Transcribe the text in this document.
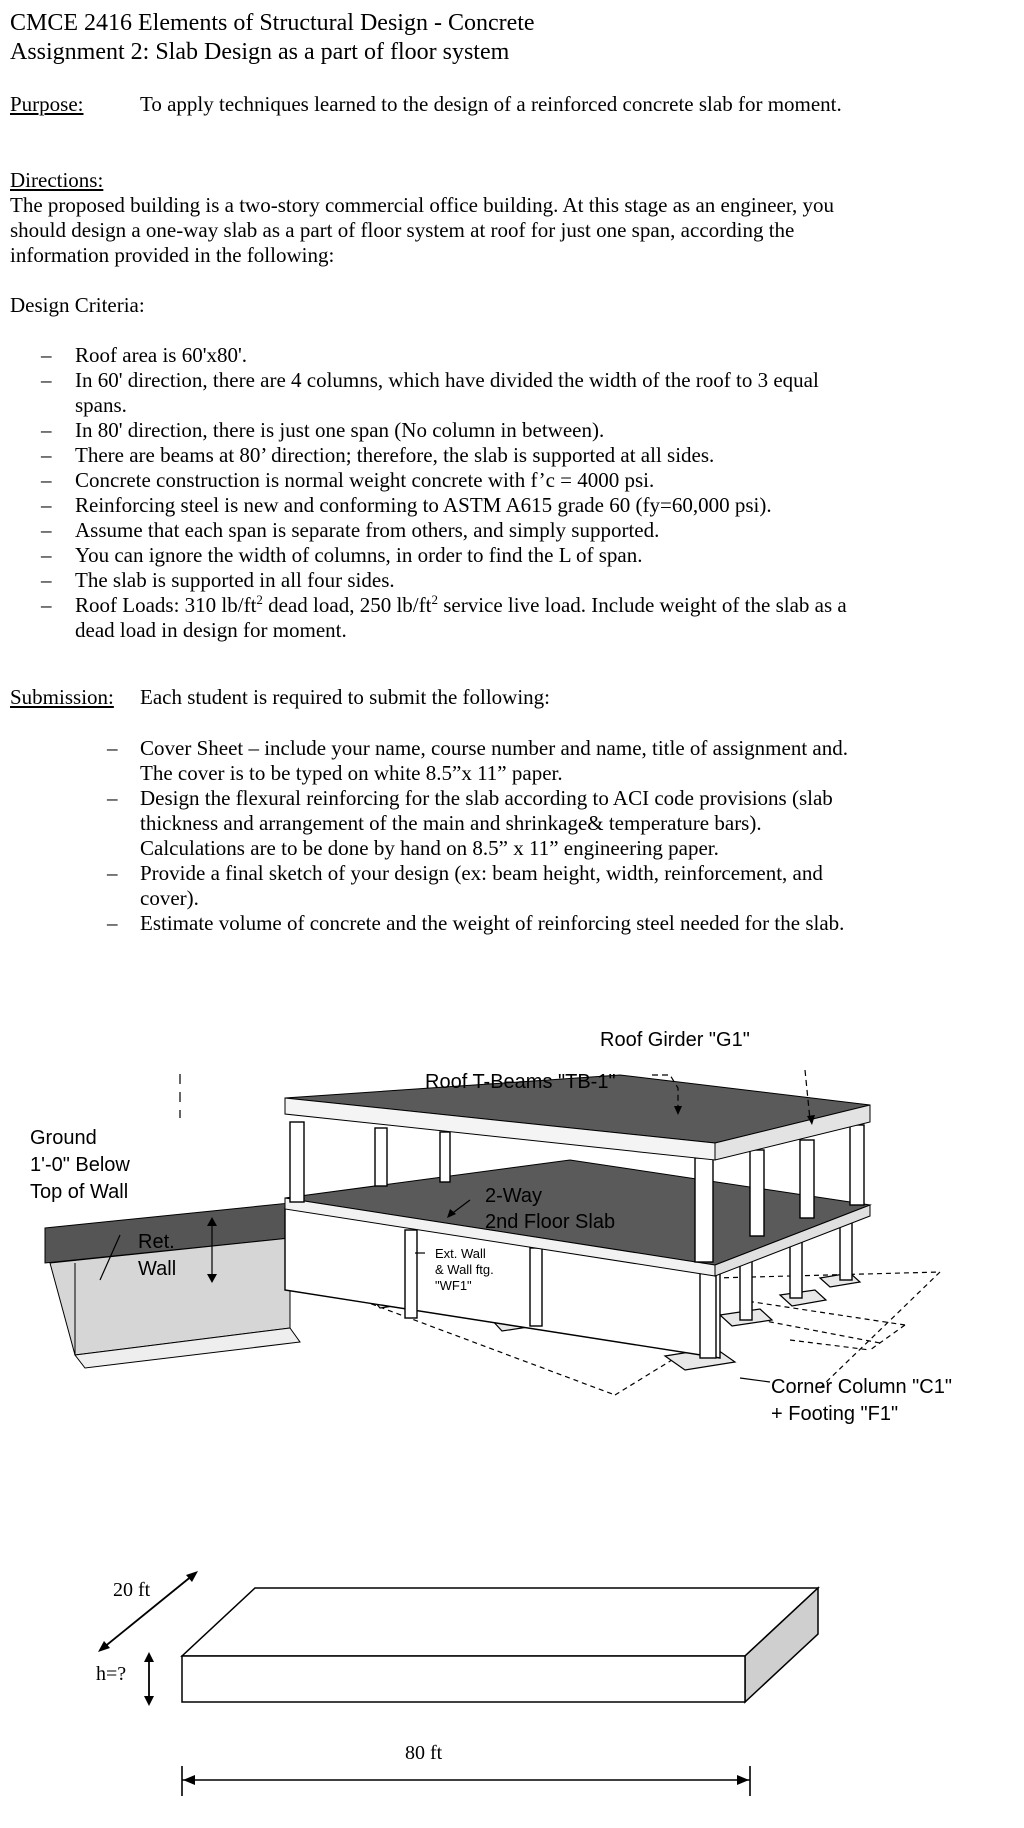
CMCE 2416 Elements of Structural Design - Concrete
Assignment 2: Slab Design as a part of floor system
Purpose:	To apply techniques learned to the design of a reinforced concrete slab for moment.
Directions:
The proposed building is a two-story commercial office building. At this stage as an engineer, you should design a one-way slab as a part of floor system at roof for just one span, according the information provided in the following:
Design Criteria:
– Roof area is 60'x80'.
– In 60' direction, there are 4 columns, which have divided the width of the roof to 3 equal spans.
– In 80' direction, there is just one span (No column in between).
– There are beams at 80’ direction; therefore, the slab is supported at all sides.
– Concrete construction is normal weight concrete with f’c = 4000 psi.
– Reinforcing steel is new and conforming to ASTM A615 grade 60 (fy=60,000 psi).
– Assume that each span is separate from others, and simply supported.
– You can ignore the width of columns, in order to find the L of span.
– The slab is supported in all four sides.
– Roof Loads: 310 $lb/ft^2$ dead load, 250 $lb/ft^2$ service live load. Include weight of the slab as a dead load in design for moment.
Submission: Each student is required to submit the following:
– Cover Sheet – include your name, course number and name, title of assignment and. The cover is to be typed on white 8.5”x 11” paper.
– Design the flexural reinforcing for the slab according to ACI code provisions (slab thickness and arrangement of the main and shrinkage& temperature bars). Calculations are to be done by hand on 8.5” x 11” engineering paper.
– Provide a final sketch of your design (ex: beam height, width, reinforcement, and cover).
– Estimate volume of concrete and the weight of reinforcing steel needed for the slab.
Roof Girder "G1"
Roof T-Beams "TB-1"
Ground
1'-0" Below
Top of Wall
Ret.
Wall
2-Way
2nd Floor Slab
Corner Column "C1"
+ Footing "F1"
Ext. Wall
& Wall ftg.
"WF1"
20 ft
h=?
80 ft
